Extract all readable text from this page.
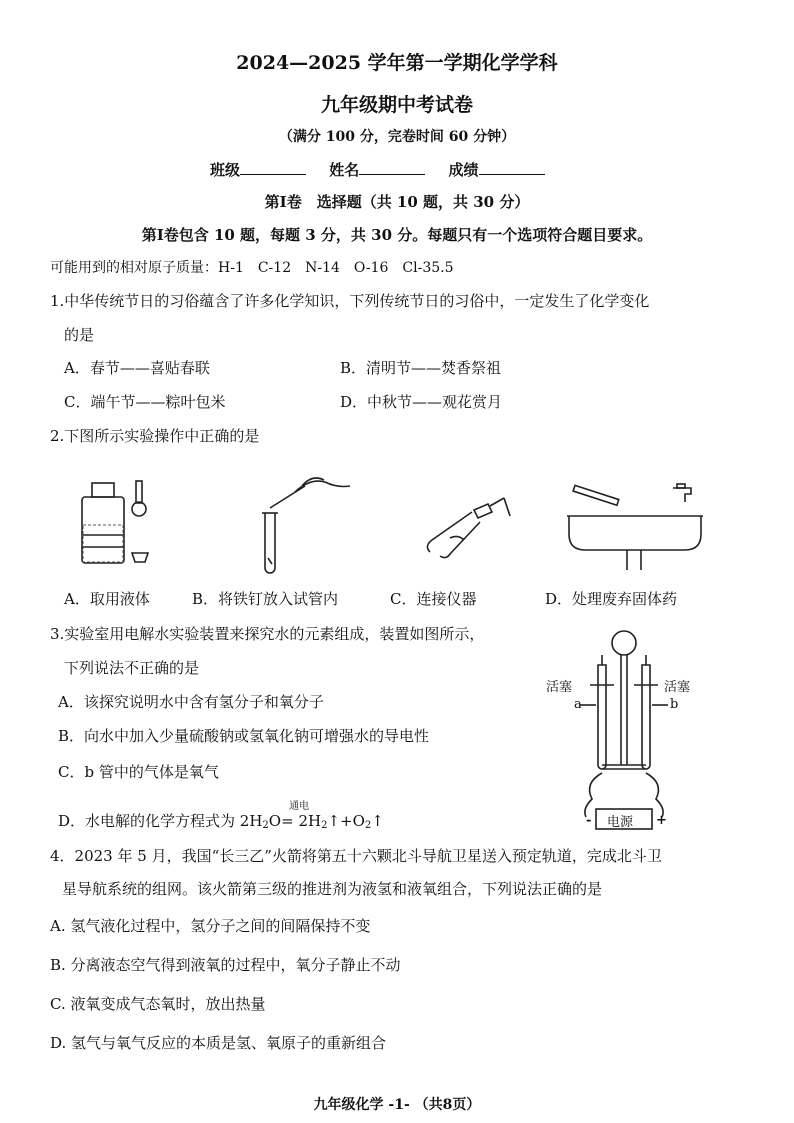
2024—2025 学年第一学期化学学科
九年级期中考试卷
（满分 100 分，完卷时间 60 分钟）
班级	姓名	成绩
第Ⅰ卷　选择题（共 10 题，共 30 分）
第Ⅰ卷包含 10 题，每题 3 分，共 30 分。每题只有一个选项符合题目要求。
可能用到的相对原子质量：H-1　C-12　N-14　O-16　Cl-35.5
1.中华传统节日的习俗蕴含了许多化学知识，下列传统节日的习俗中，一定发生了化学变化
的是
A．春节——喜贴春联	B．清明节——焚香祭祖
C．端午节——粽叶包米	D．中秋节——观花赏月
2.下图所示实验操作中正确的是
A．取用液体	B．将铁钉放入试管内	C．连接仪器	D．处理废弃固体药
3.实验室用电解水实验装置来探究水的元素组成，装置如图所示，
下列说法不正确的是
A．该探究说明水中含有氢分子和氧分子
B．向水中加入少量硫酸钠或氢氧化钠可增强水的导电性
C．b 管中的气体是氧气
D．水电解的化学方程式为 $2H_2O$
通电
= $2H_2↑+O_2↑$
活塞	活塞
a	b
电源
-	+
4．2023 年 5 月，我国“长三乙”火箭将第五十六颗北斗导航卫星送入预定轨道，完成北斗卫
星导航系统的组网。该火箭第三级的推进剂为液氢和液氧组合，下列说法正确的是
A. 氢气液化过程中，氢分子之间的间隔保持不变
B. 分离液态空气得到液氧的过程中，氧分子静止不动
C. 液氧变成气态氧时，放出热量
D. 氢气与氧气反应的本质是氢、氧原子的重新组合
九年级化学 -1- （共8页）
